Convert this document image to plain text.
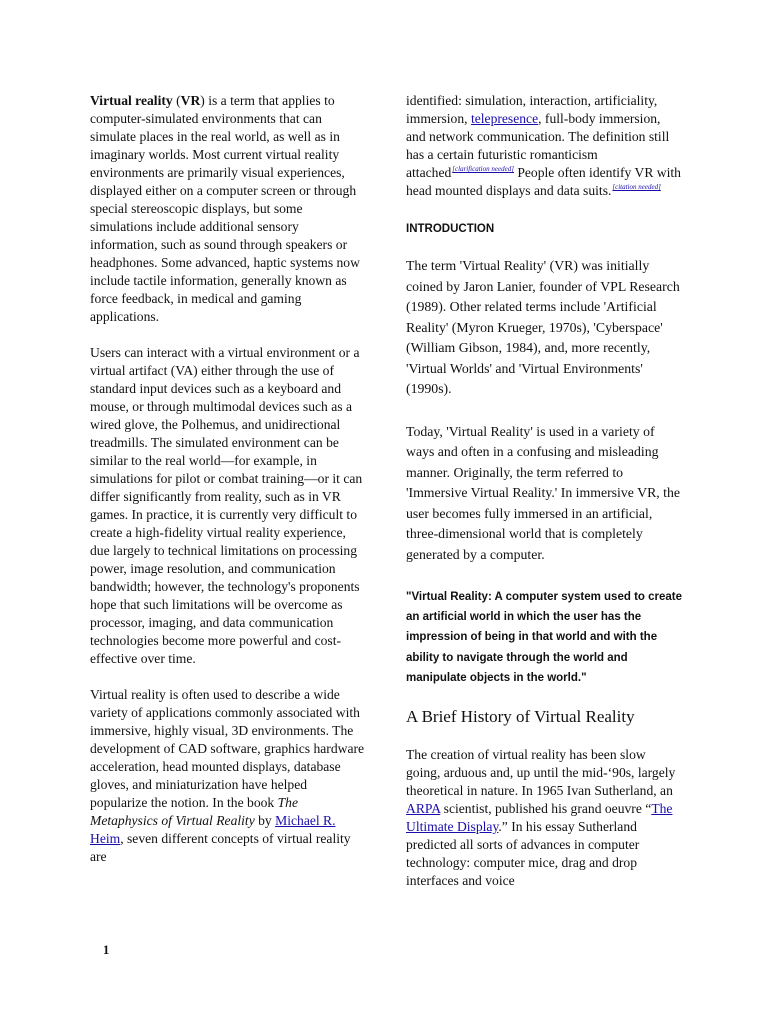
Virtual reality (VR) is a term that applies to computer-simulated environments that can simulate places in the real world, as well as in imaginary worlds. Most current virtual reality environments are primarily visual experiences, displayed either on a computer screen or through special stereoscopic displays, but some simulations include additional sensory information, such as sound through speakers or headphones. Some advanced, haptic systems now include tactile information, generally known as force feedback, in medical and gaming applications.

Users can interact with a virtual environment or a virtual artifact (VA) either through the use of standard input devices such as a keyboard and mouse, or through multimodal devices such as a wired glove, the Polhemus, and unidirectional treadmills. The simulated environment can be similar to the real world—for example, in simulations for pilot or combat training—or it can differ significantly from reality, such as in VR games. In practice, it is currently very difficult to create a high-fidelity virtual reality experience, due largely to technical limitations on processing power, image resolution, and communication bandwidth; however, the technology's proponents hope that such limitations will be overcome as processor, imaging, and data communication technologies become more powerful and cost-effective over time.

Virtual reality is often used to describe a wide variety of applications commonly associated with immersive, highly visual, 3D environments. The development of CAD software, graphics hardware acceleration, head mounted displays, database gloves, and miniaturization have helped popularize the notion. In the book The Metaphysics of Virtual Reality by Michael R. Heim, seven different concepts of virtual reality are

identified: simulation, interaction, artificiality, immersion, telepresence, full-body immersion, and network communication. The definition still has a certain futuristic romanticism attached[clarification needed] People often identify VR with head mounted displays and data suits.[citation needed]

INTRODUCTION

The term 'Virtual Reality' (VR) was initially coined by Jaron Lanier, founder of VPL Research (1989). Other related terms include 'Artificial Reality' (Myron Krueger, 1970s), 'Cyberspace' (William Gibson, 1984), and, more recently, 'Virtual Worlds' and 'Virtual Environments' (1990s).

Today, 'Virtual Reality' is used in a variety of ways and often in a confusing and misleading manner. Originally, the term referred to 'Immersive Virtual Reality.' In immersive VR, the user becomes fully immersed in an artificial, three-dimensional world that is completely generated by a computer.

"Virtual Reality: A computer system used to create an artificial world in which the user has the impression of being in that world and with the ability to navigate through the world and manipulate objects in the world."

A Brief History of Virtual Reality

The creation of virtual reality has been slow going, arduous and, up until the mid-‘90s, largely theoretical in nature. In 1965 Ivan Sutherland, an ARPA scientist, published his grand oeuvre “The Ultimate Display.” In his essay Sutherland predicted all sorts of advances in computer technology: computer mice, drag and drop interfaces and voice

1
